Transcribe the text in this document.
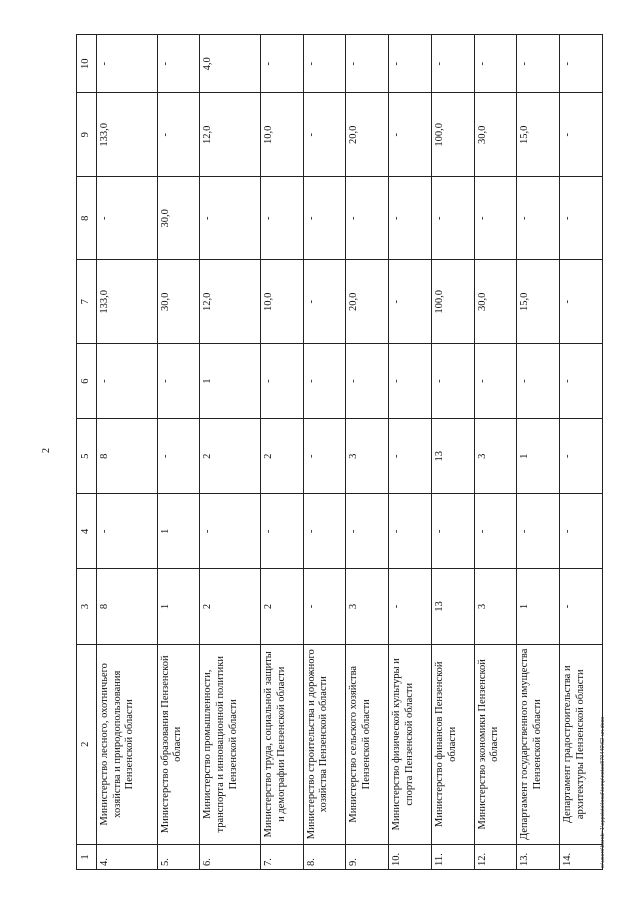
2
1	2	3	4	5	6	7	8	9	10
4.	Министерство лесного, охотничьего хозяйства и природопользования Пензенской области	8	-	8	-	133,0	-	133,0	-
5.	Министерство образования Пензенской области	1	1	-	-	30,0	30,0	-	-
6.	Министерство промышленности, транспорта и инновационной политики Пензенской области	2	-	2	1	12,0	-	12,0	4,0
7.	Министерство труда, социальной защиты и демографии Пензенской области	2	-	2	-	10,0	-	10,0	-
8.	Министерство строительства и дорожного хозяйства Пензенской области	-	-	-	-	-	-	-	-
9.	Министерство сельского хозяйства Пензенской области	3	-	3	-	20,0	-	20,0	-
10.	Министерство физической культуры и спорта Пензенской области	-	-	-	-	-	-	-	-
11.	Министерство финансов Пензенской области	13	-	13	-	100,0	-	100,0	-
12.	Министерство экономики Пензенской области	3	-	3	-	30,0	-	30,0	-
13.	Департамент государственного имущества Пензенской области	1	-	1	-	15,0	-	15,0	-
14.	Департамент градостроительства и архитектуры Пензенской области	-	-	-	-	-	-	-	-
c:\users\borob~1\appdata\local\temp\notes879440\62-un.docx
